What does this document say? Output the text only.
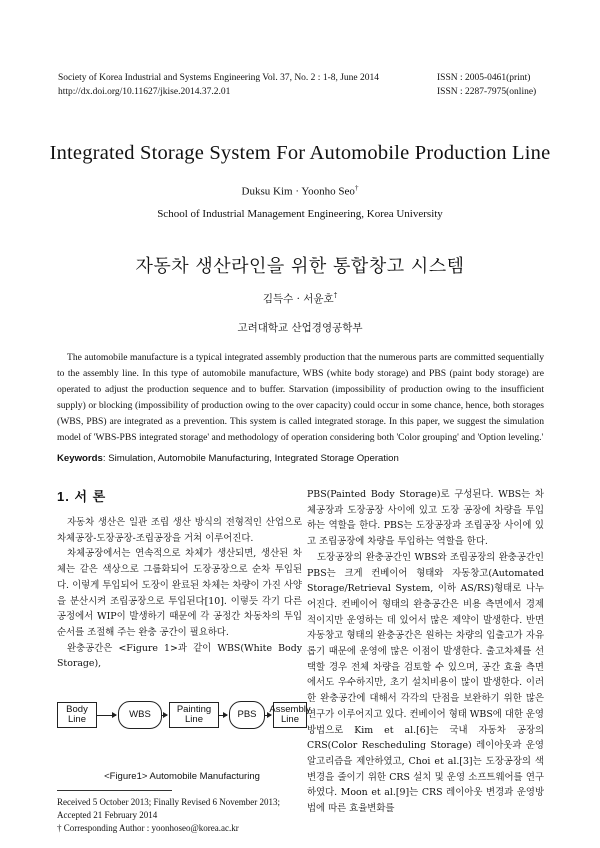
Society of Korea Industrial and Systems Engineering Vol. 37, No. 2 : 1-8, June 2014
http://dx.doi.org/10.11627/jkise.2014.37.2.01
ISSN : 2005-0461(print)
ISSN : 2287-7975(online)
Integrated Storage System For Automobile Production Line
Duksu Kim · Yoonho Seo†
School of Industrial Management Engineering, Korea University
자동차 생산라인을 위한 통합창고 시스템
김득수 · 서윤호†
고려대학교 산업경영공학부
The automobile manufacture is a typical integrated assembly production that the numerous parts are committed sequentially to the assembly line. In this type of automobile manufacture, WBS (white body storage) and PBS (paint body storage) are operated to adjust the production sequence and to buffer. Starvation (impossibility of production owing to the insufficient supply) or blocking (impossibility of production owing to the over capacity) could occur in some chance, hence, both storages (WBS, PBS) are integrated as a prevention. This system is called integrated storage. In this paper, we suggest the simulation model of 'WBS-PBS integrated storage' and methodology of operation considering both 'Color grouping' and 'Option leveling.'
Keywords: Simulation, Automobile Manufacturing, Integrated Storage Operation
1. 서 론

자동차 생산은 일관 조립 생산 방식의 전형적인 산업으로 차체공장-도장공장-조립공장을 거쳐 이루어진다.

차체공장에서는 연속적으로 차체가 생산되면, 생산된 차체는 같은 색상으로 그룹화되어 도장공장으로 순차 투입된다. 이렇게 투입되어 도장이 완료된 차체는 차량이 가진 사양을 분산시켜 조립공장으로 투입된다[10]. 이렇듯 각기 다른 공정에서 WIP이 발생하기 때문에 각 공정간 차동차의 투입 순서를 조절해 주는 완충 공간이 필요하다.

완충공간은 <Figure 1>과 같이 WBS(White Body Storage),

Body Line	WBS	Painting Line	PBS	Assembly Line
<Figure1> Automobile Manufacturing
Received 5 October 2013; Finally Revised 6 November 2013; Accepted 21 February 2014
† Corresponding Author : yoonhoseo@korea.ac.kr

PBS(Painted Body Storage)로 구성된다. WBS는 차체공장과 도장공장 사이에 있고 도장 공장에 차량을 투입하는 역할을 한다. PBS는 도장공장과 조립공장 사이에 있고 조립공장에 차량을 투입하는 역할을 한다.

도장공장의 완충공간인 WBS와 조립공장의 완충공간인 PBS는 크게 컨베이어 형태와 자동창고(Automated Storage/Retrieval System, 이하 AS/RS)형태로 나누어진다. 컨베이어 형태의 완충공간은 비용 측면에서 경제적이지만 운영하는 데 있어서 많은 제약이 발생한다. 반면 자동창고 형태의 완충공간은 원하는 차량의 입출고가 자유롭기 때문에 운영에 많은 이점이 발생한다. 출고차체를 선택할 경우 전체 차량을 검토할 수 있으며, 공간 효율 측면에서도 우수하지만, 초기 설치비용이 많이 발생한다. 이러한 완충공간에 대해서 각각의 단점을 보완하기 위한 많은 연구가 이루어지고 있다. 컨베이어 형태 WBS에 대한 운영방법으로 Kim et al.[6]는 국내 자동차 공장의 CRS(Color Rescheduling Storage) 레이아웃과 운영알고리즘을 제안하였고, Choi et al.[3]는 도장공장의 색 변경을 줄이기 위한 CRS 설치 및 운영 소프트웨어를 연구하였다. Moon et al.[9]는 CRS 레이아웃 변경과 운영방법에 따른 효율변화를
